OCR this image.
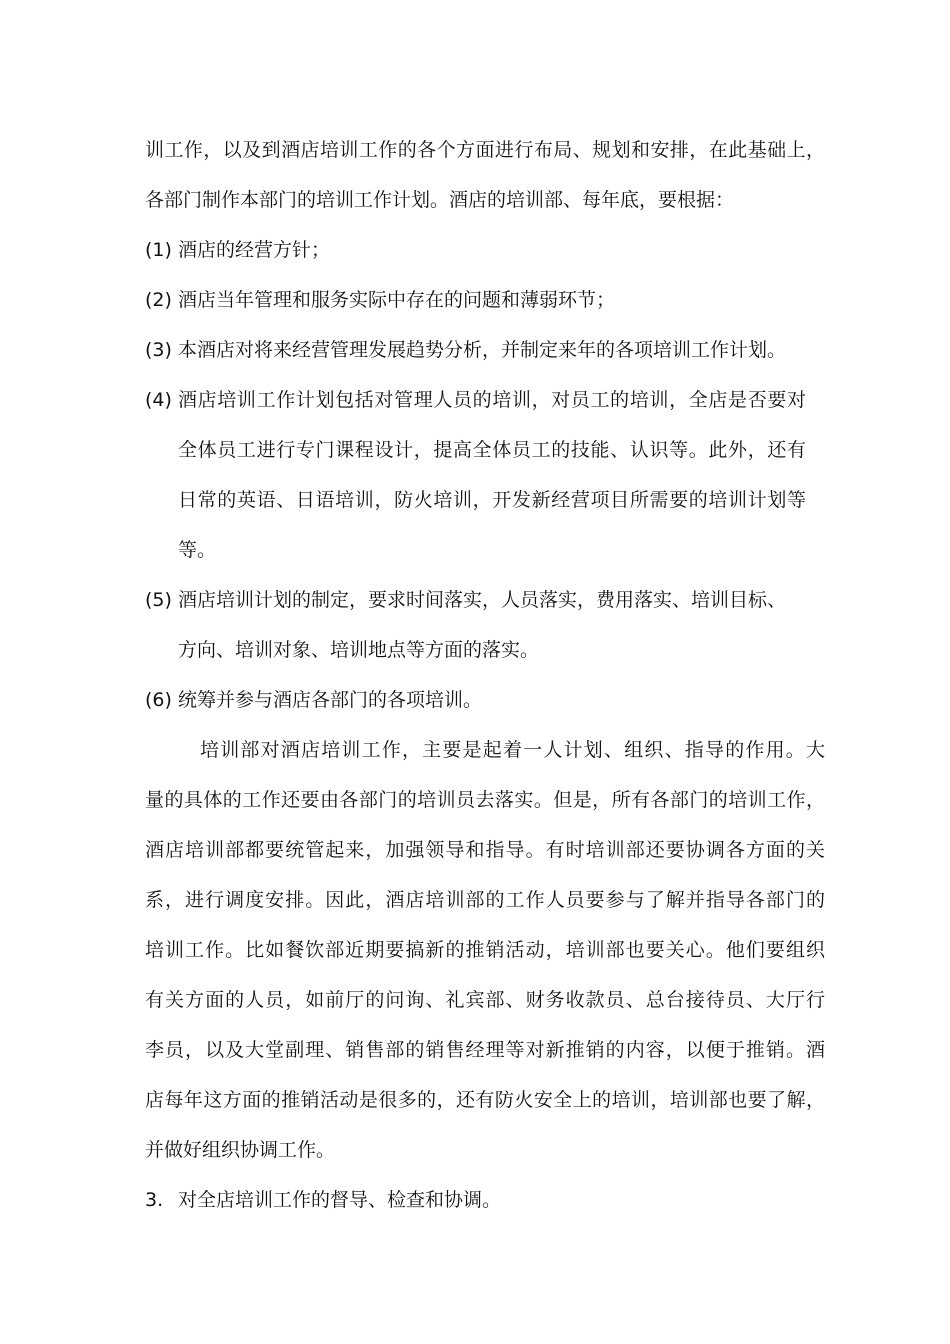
训工作，以及到酒店培训工作的各个方面进行布局、规划和安排，在此基础上，
各部门制作本部门的培训工作计划。酒店的培训部、每年底，要根据：
(1) 酒店的经营方针；
(2) 酒店当年管理和服务实际中存在的问题和薄弱环节；
(3) 本酒店对将来经营管理发展趋势分析，并制定来年的各项培训工作计划。
(4) 酒店培训工作计划包括对管理人员的培训，对员工的培训，全店是否要对
全体员工进行专门课程设计，提高全体员工的技能、认识等。此外，还有
日常的英语、日语培训，防火培训，开发新经营项目所需要的培训计划等
等。
(5) 酒店培训计划的制定，要求时间落实，人员落实，费用落实、培训目标、
方向、培训对象、培训地点等方面的落实。
(6) 统筹并参与酒店各部门的各项培训。
培训部对酒店培训工作，主要是起着一人计划、组织、指导的作用。大
量的具体的工作还要由各部门的培训员去落实。但是，所有各部门的培训工作，
酒店培训部都要统管起来，加强领导和指导。有时培训部还要协调各方面的关
系，进行调度安排。因此，酒店培训部的工作人员要参与了解并指导各部门的
培训工作。比如餐饮部近期要搞新的推销活动，培训部也要关心。他们要组织
有关方面的人员，如前厅的问询、礼宾部、财务收款员、总台接待员、大厅行
李员，以及大堂副理、销售部的销售经理等对新推销的内容，以便于推销。酒
店每年这方面的推销活动是很多的，还有防火安全上的培训，培训部也要了解，
并做好组织协调工作。
3. 对全店培训工作的督导、检查和协调。
